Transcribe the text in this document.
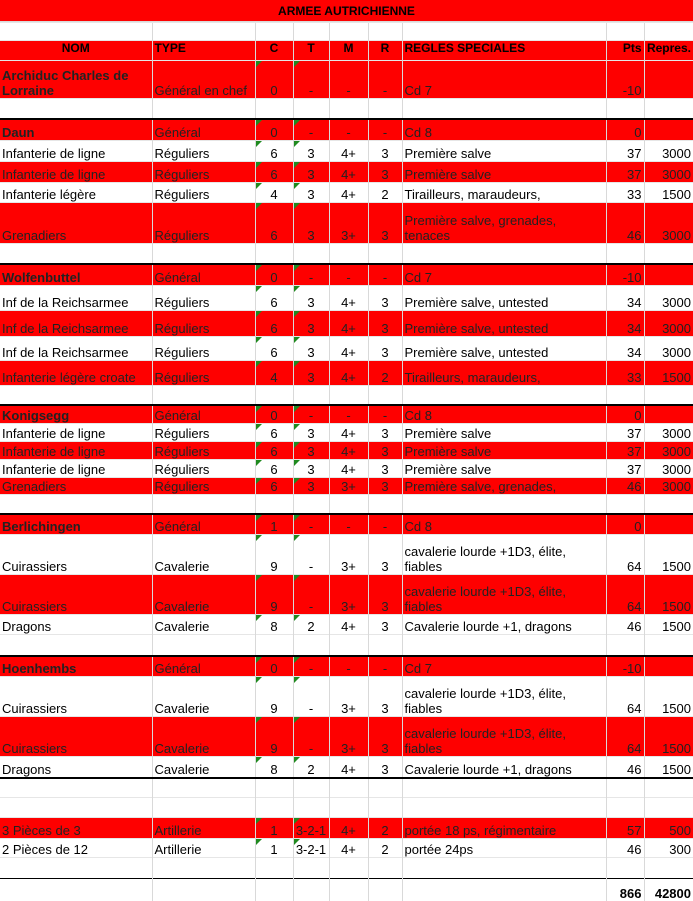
ARMEE AUTRICHIENNE

NOM	TYPE	C	T	M	R	REGLES SPECIALES	Pts	Repres.
Archiduc Charles de Lorraine	Général en chef	0	-	-	-	Cd 7	-10	

Daun	Général	0	-	-	-	Cd 8	0	
Infanterie de ligne	Réguliers	6	3	4+	3	Première salve	37	3000
Infanterie de ligne	Réguliers	6	3	4+	3	Première salve	37	3000
Infanterie légère	Réguliers	4	3	4+	2	Tirailleurs, maraudeurs,	33	1500
Grenadiers	Réguliers	6	3	3+	3	Première salve, grenades, tenaces	46	3000

Wolfenbuttel	Général	0	-	-	-	Cd 7	-10	
Inf de la Reichsarmee	Réguliers	6	3	4+	3	Première salve, untested	34	3000
Inf de la Reichsarmee	Réguliers	6	3	4+	3	Première salve, untested	34	3000
Inf de la Reichsarmee	Réguliers	6	3	4+	3	Première salve, untested	34	3000
Infanterie légère croate	Réguliers	4	3	4+	2	Tirailleurs, maraudeurs,	33	1500

Konigsegg	Général	0	-	-	-	Cd 8	0	
Infanterie de ligne	Réguliers	6	3	4+	3	Première salve	37	3000
Infanterie de ligne	Réguliers	6	3	4+	3	Première salve	37	3000
Infanterie de ligne	Réguliers	6	3	4+	3	Première salve	37	3000
Grenadiers	Réguliers	6	3	3+	3	Première salve, grenades,	46	3000

Berlichingen	Général	1	-	-	-	Cd 8	0	
Cuirassiers	Cavalerie	9	-	3+	3	cavalerie lourde +1D3, élite, fiables	64	1500
Cuirassiers	Cavalerie	9	-	3+	3	cavalerie lourde +1D3, élite, fiables	64	1500
Dragons	Cavalerie	8	2	4+	3	Cavalerie lourde +1, dragons	46	1500

Hoenhembs	Général	0	-	-	-	Cd 7	-10	
Cuirassiers	Cavalerie	9	-	3+	3	cavalerie lourde +1D3, élite, fiables	64	1500
Cuirassiers	Cavalerie	9	-	3+	3	cavalerie lourde +1D3, élite, fiables	64	1500
Dragons	Cavalerie	8	2	4+	3	Cavalerie lourde +1, dragons	46	1500

3 Pièces de 3	Artillerie	1	3-2-1	4+	2	portée 18 ps, régimentaire	57	500
2 Pièces de 12	Artillerie	1	3-2-1	4+	2	portée 24ps	46	300

							866	42800
